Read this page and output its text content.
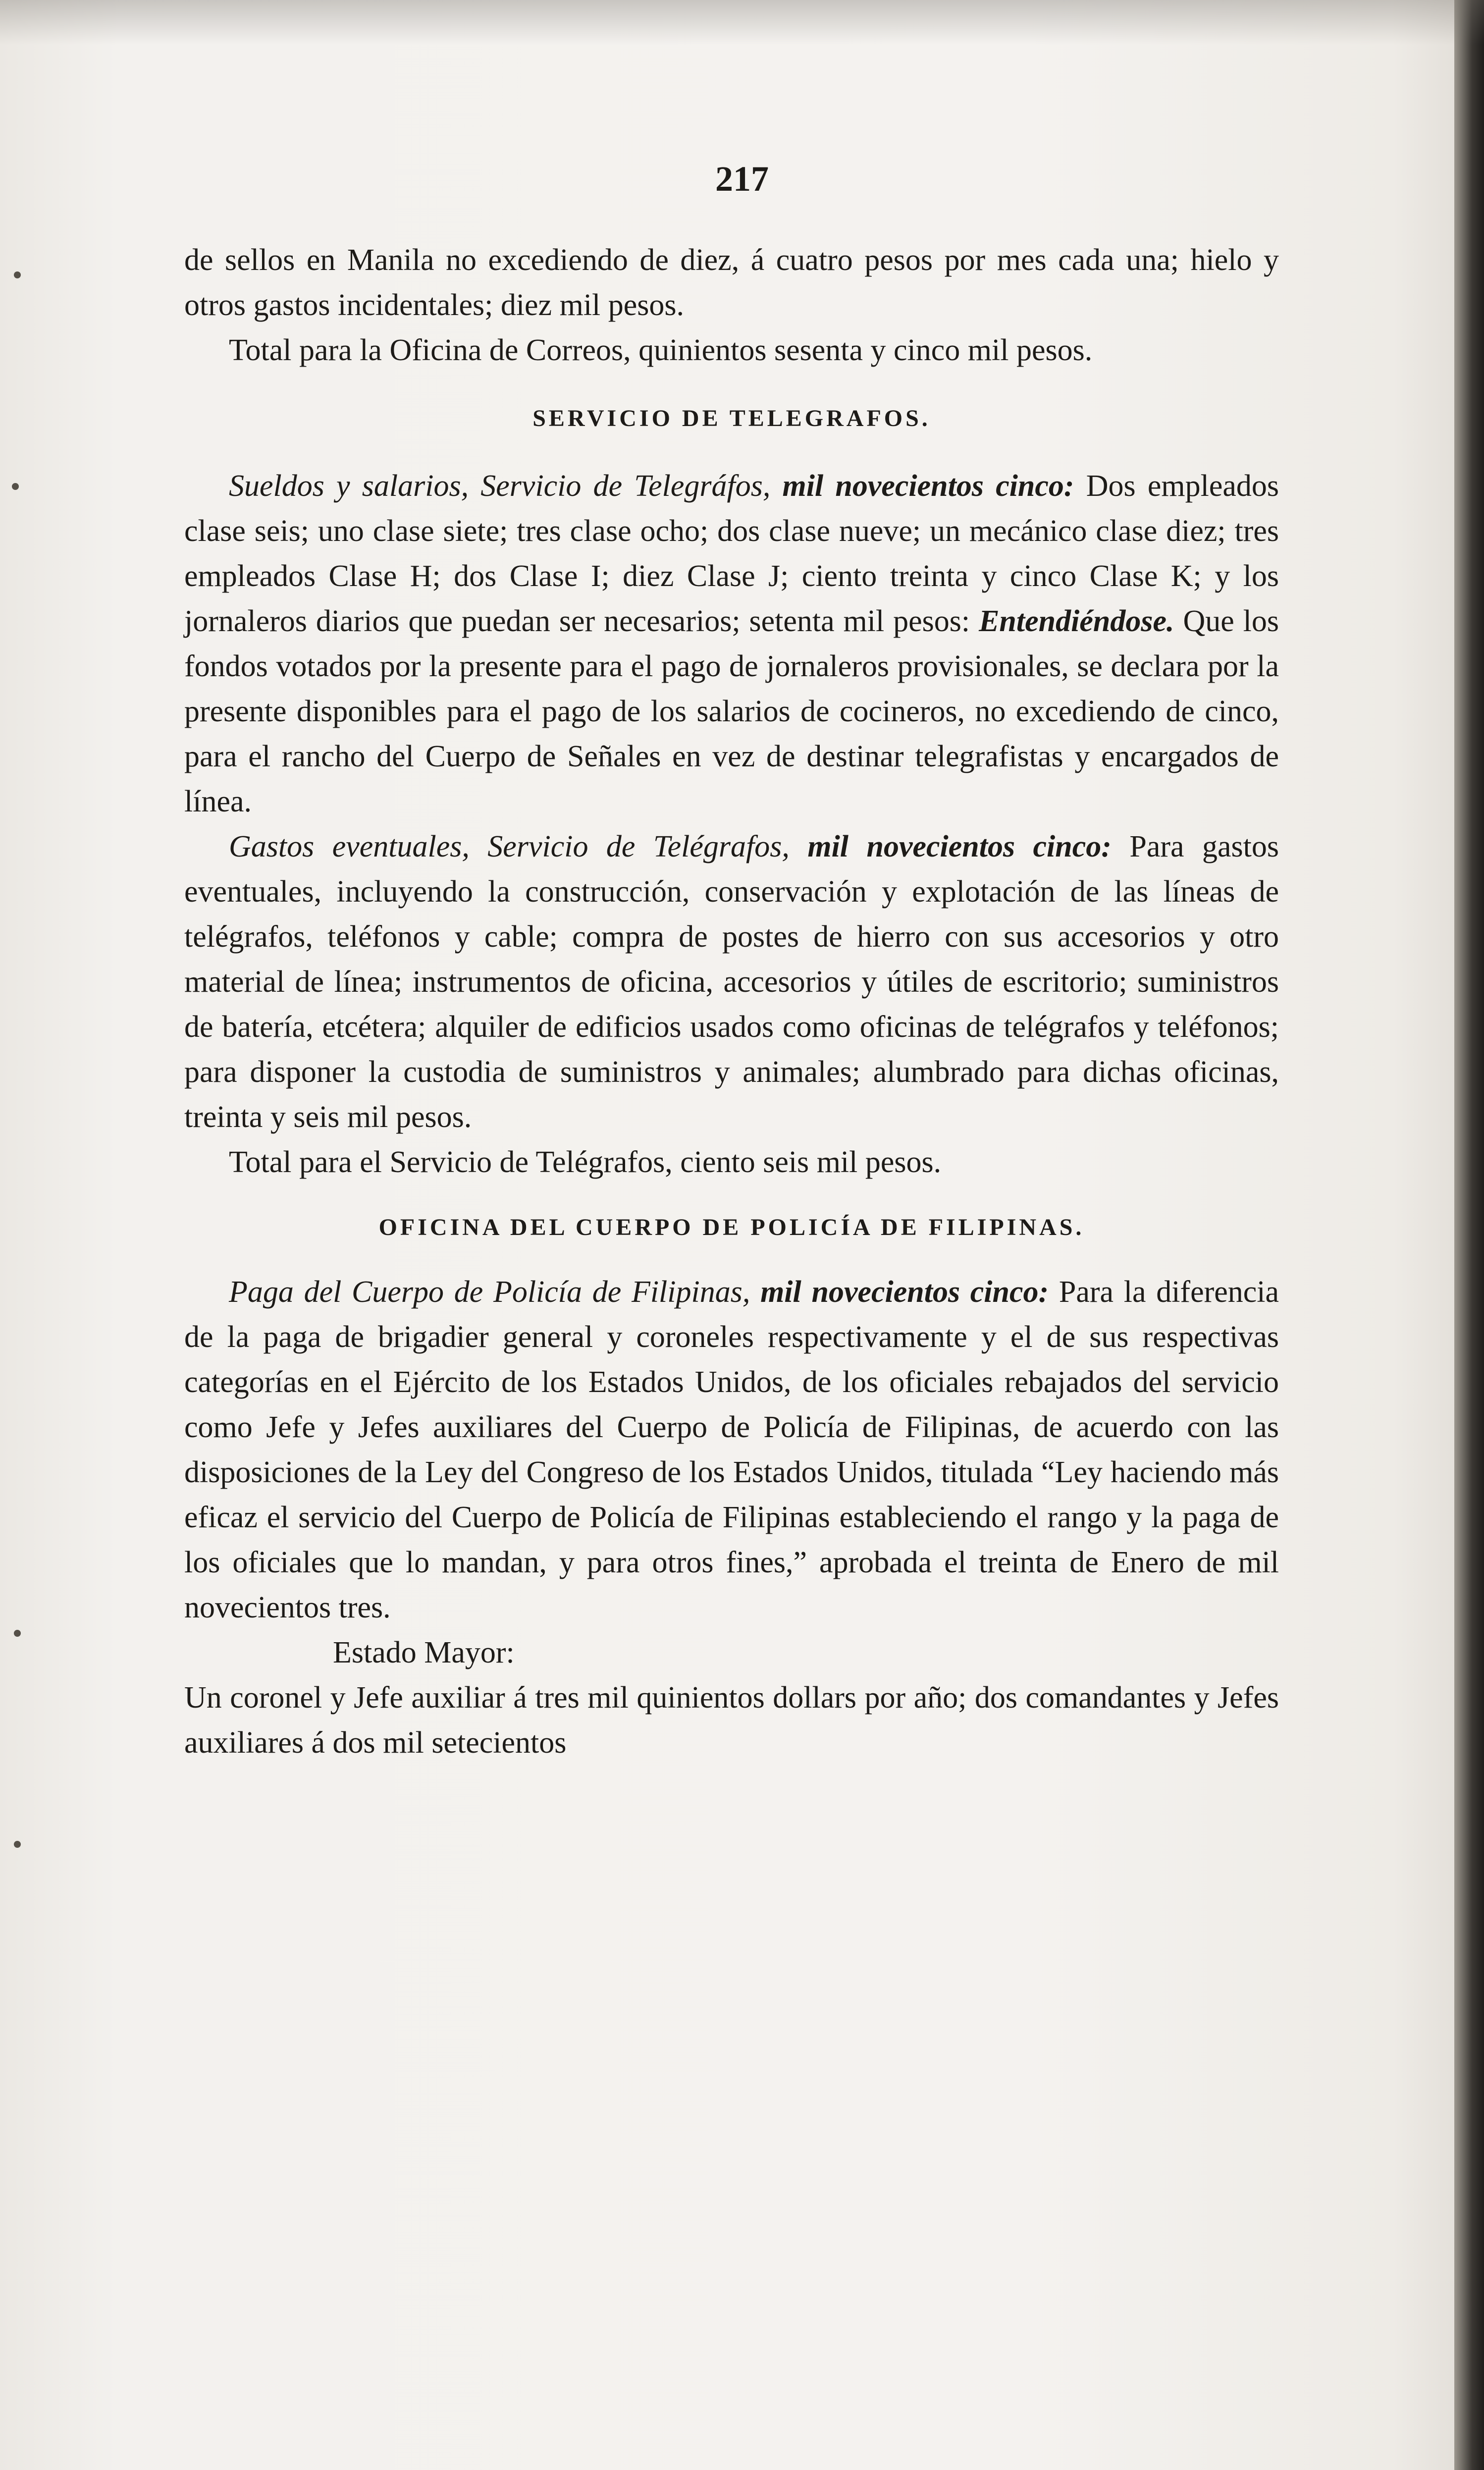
217

de sellos en Manila no excediendo de diez, á cuatro pesos por mes cada una; hielo y otros gastos incidentales; diez mil pesos.

Total para la Oficina de Correos, quinientos sesenta y cinco mil pesos.

SERVICIO DE TELEGRAFOS.

Sueldos y salarios, Servicio de Telegráfos, mil novecientos cinco: Dos empleados clase seis; uno clase siete; tres clase ocho; dos clase nueve; un mecánico clase diez; tres empleados Clase H; dos Clase I; diez Clase J; ciento treinta y cinco Clase K; y los jornaleros diarios que puedan ser necesarios; setenta mil pesos: Entendiéndose. Que los fondos votados por la presente para el pago de jornaleros provisionales, se declara por la presente disponibles para el pago de los salarios de cocineros, no excediendo de cinco, para el rancho del Cuerpo de Señales en vez de destinar telegrafistas y encargados de línea.

Gastos eventuales, Servicio de Telégrafos, mil novecientos cinco: Para gastos eventuales, incluyendo la construcción, conservación y explotación de las líneas de telégrafos, teléfonos y cable; compra de postes de hierro con sus accesorios y otro material de línea; instrumentos de oficina, accesorios y útiles de escritorio; suministros de batería, etcétera; alquiler de edificios usados como oficinas de telégrafos y teléfonos; para disponer la custodia de suministros y animales; alumbrado para dichas oficinas, treinta y seis mil pesos.

Total para el Servicio de Telégrafos, ciento seis mil pesos.

OFICINA DEL CUERPO DE POLICÍA DE FILIPINAS.

Paga del Cuerpo de Policía de Filipinas, mil novecientos cinco: Para la diferencia de la paga de brigadier general y coroneles respectivamente y el de sus respectivas categorías en el Ejército de los Estados Unidos, de los oficiales rebajados del servicio como Jefe y Jefes auxiliares del Cuerpo de Policía de Filipinas, de acuerdo con las disposiciones de la Ley del Congreso de los Estados Unidos, titulada “Ley haciendo más eficaz el servicio del Cuerpo de Policía de Filipinas estableciendo el rango y la paga de los oficiales que lo mandan, y para otros fines,” aprobada el treinta de Enero de mil novecientos tres.

Estado Mayor:

Un coronel y Jefe auxiliar á tres mil quinientos dollars por año; dos comandantes y Jefes auxiliares á dos mil setecientos
